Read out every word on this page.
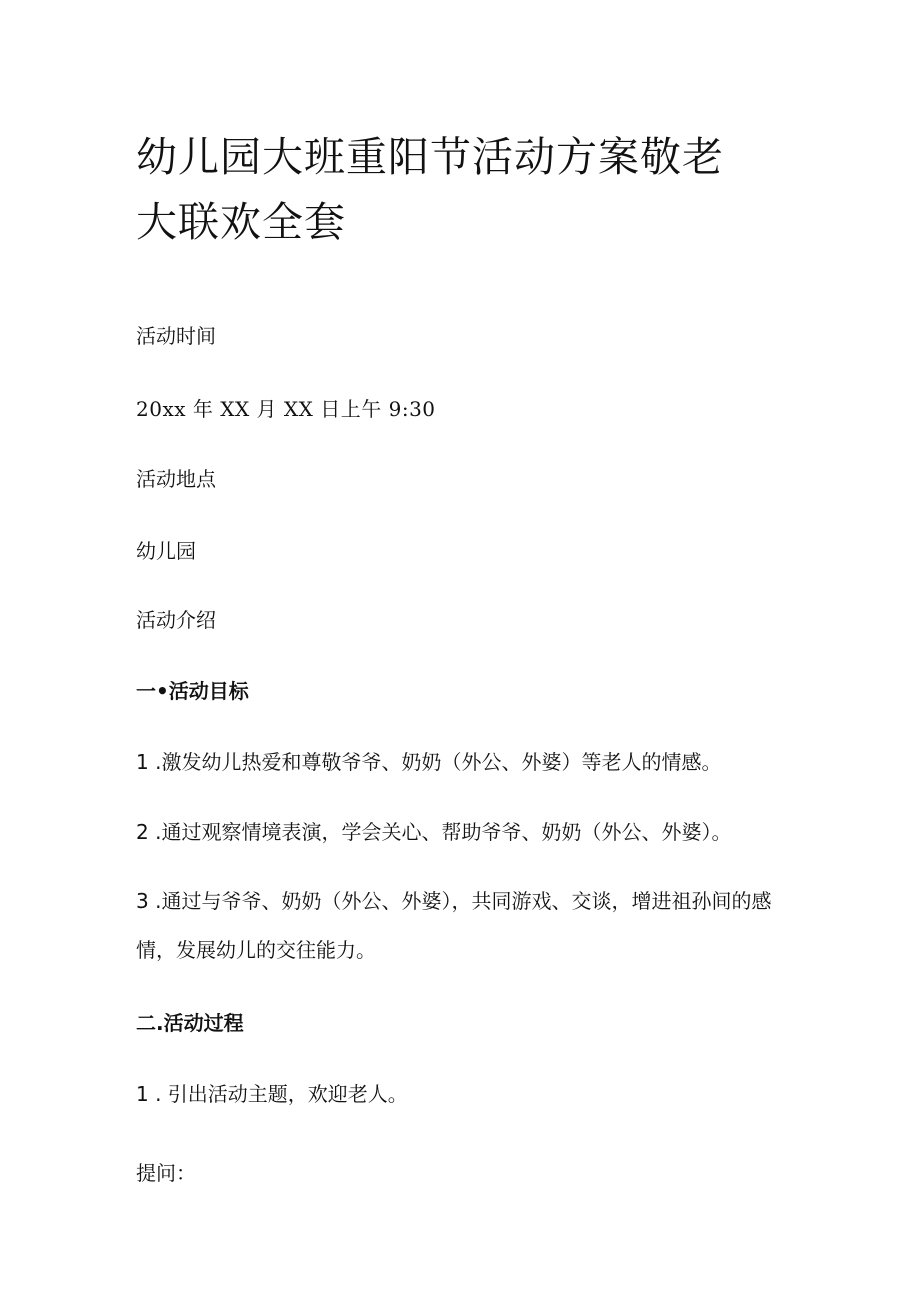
幼儿园大班重阳节活动方案敬老大联欢全套

活动时间

20xx 年 XX 月 XX 日上午 9:30

活动地点

幼儿园

活动介绍

一•活动目标

1 .激发幼儿热爱和尊敬爷爷、奶奶（外公、外婆）等老人的情感。

2 .通过观察情境表演，学会关心、帮助爷爷、奶奶（外公、外婆）。

3 .通过与爷爷、奶奶（外公、外婆），共同游戏、交谈，增进祖孙间的感情，发展幼儿的交往能力。

二.活动过程

1 . 引出活动主题，欢迎老人。

提问：
